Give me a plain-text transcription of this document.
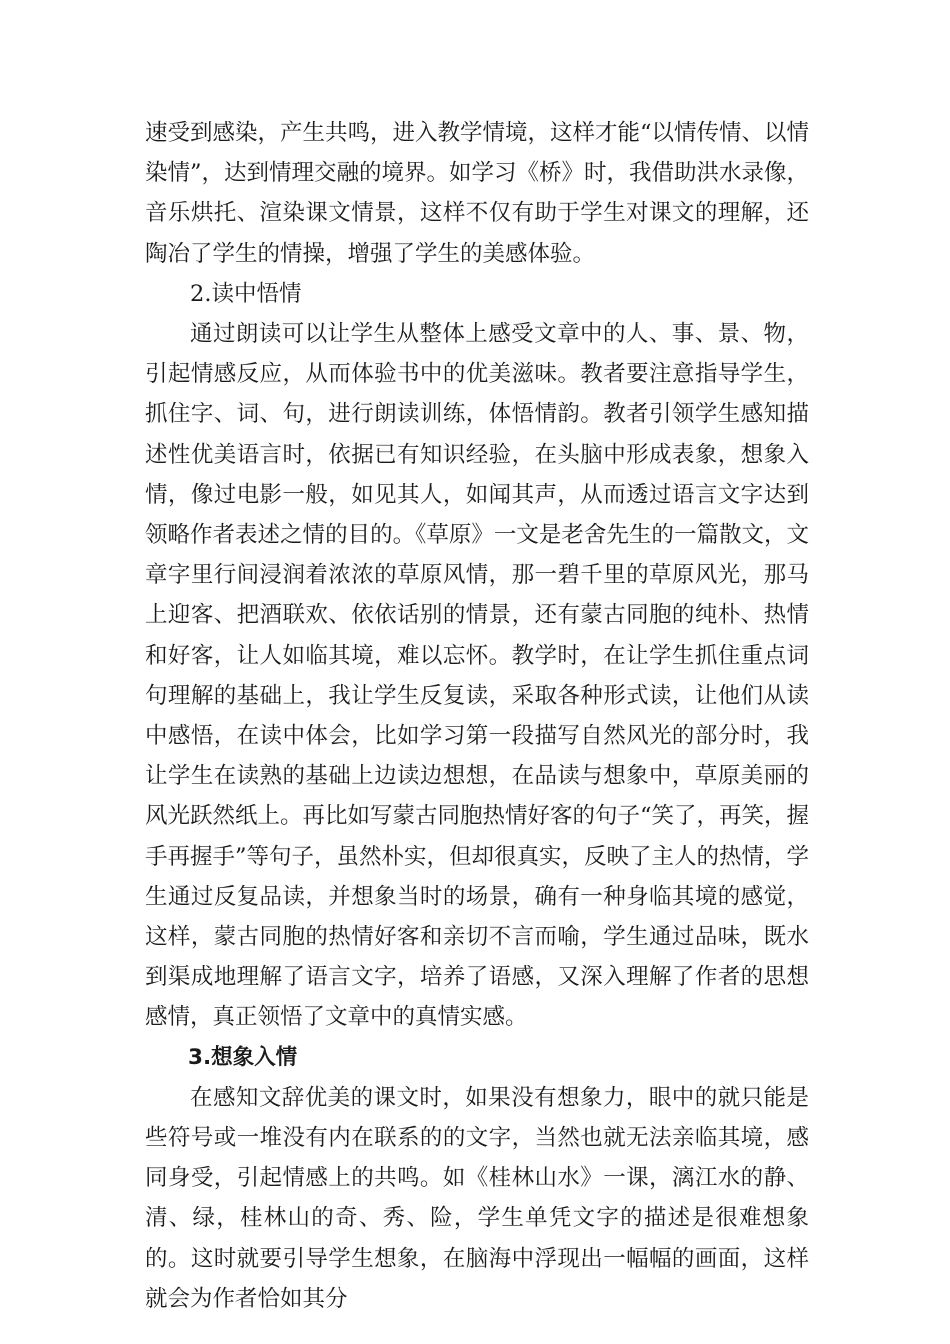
速受到感染，产生共鸣，进入教学情境，这样才能“以情传情、以情染情”，达到情理交融的境界。如学习《桥》时，我借助洪水录像，音乐烘托、渲染课文情景，这样不仅有助于学生对课文的理解，还陶冶了学生的情操，增强了学生的美感体验。

2.读中悟情

通过朗读可以让学生从整体上感受文章中的人、事、景、物，引起情感反应，从而体验书中的优美滋味。教者要注意指导学生，抓住字、词、句，进行朗读训练，体悟情韵。教者引领学生感知描述性优美语言时，依据已有知识经验，在头脑中形成表象，想象入情，像过电影一般，如见其人，如闻其声，从而透过语言文字达到领略作者表述之情的目的。《草原》一文是老舍先生的一篇散文，文章字里行间浸润着浓浓的草原风情，那一碧千里的草原风光，那马上迎客、把酒联欢、依依话别的情景，还有蒙古同胞的纯朴、热情和好客，让人如临其境，难以忘怀。教学时，在让学生抓住重点词句理解的基础上，我让学生反复读，采取各种形式读，让他们从读中感悟，在读中体会，比如学习第一段描写自然风光的部分时，我让学生在读熟的基础上边读边想想，在品读与想象中，草原美丽的风光跃然纸上。再比如写蒙古同胞热情好客的句子“笑了，再笑，握手再握手”等句子，虽然朴实，但却很真实，反映了主人的热情，学生通过反复品读，并想象当时的场景，确有一种身临其境的感觉，这样，蒙古同胞的热情好客和亲切不言而喻，学生通过品味，既水到渠成地理解了语言文字，培养了语感，又深入理解了作者的思想感情，真正领悟了文章中的真情实感。

3.想象入情

在感知文辞优美的课文时，如果没有想象力，眼中的就只能是些符号或一堆没有内在联系的的文字，当然也就无法亲临其境，感同身受，引起情感上的共鸣。如《桂林山水》一课，漓江水的静、清、绿，桂林山的奇、秀、险，学生单凭文字的描述是很难想象的。这时就要引导学生想象，在脑海中浮现出一幅幅的画面，这样就会为作者恰如其分
